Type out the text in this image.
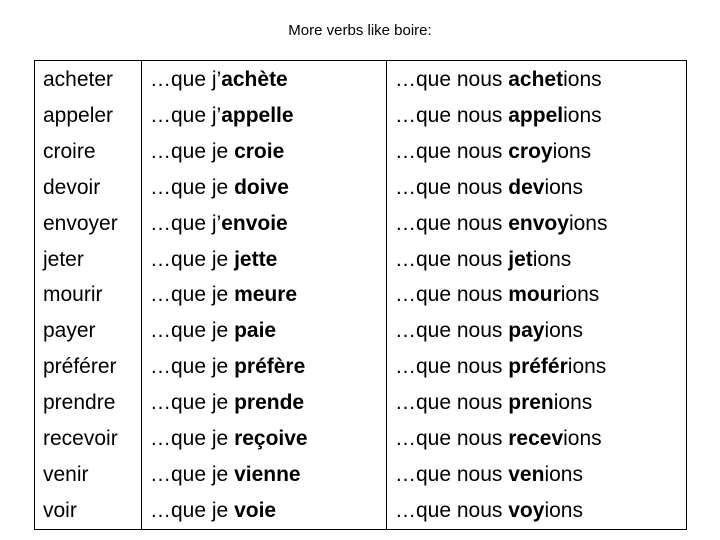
More verbs like boire:
acheter	…que j’achète	…que nous achetions
appeler	…que j’appelle	…que nous appelions
croire	…que je croie	…que nous croyions
devoir	…que je doive	…que nous devions
envoyer	…que j’envoie	…que nous envoyions
jeter	…que je jette	…que nous jetions
mourir	…que je meure	…que nous mourions
payer	…que je paie	…que nous payions
préférer	…que je préfère	…que nous préférions
prendre	…que je prende	…que nous prenions
recevoir	…que je reçoive	…que nous recevions
venir	…que je vienne	…que nous venions
voir	…que je voie	…que nous voyions
